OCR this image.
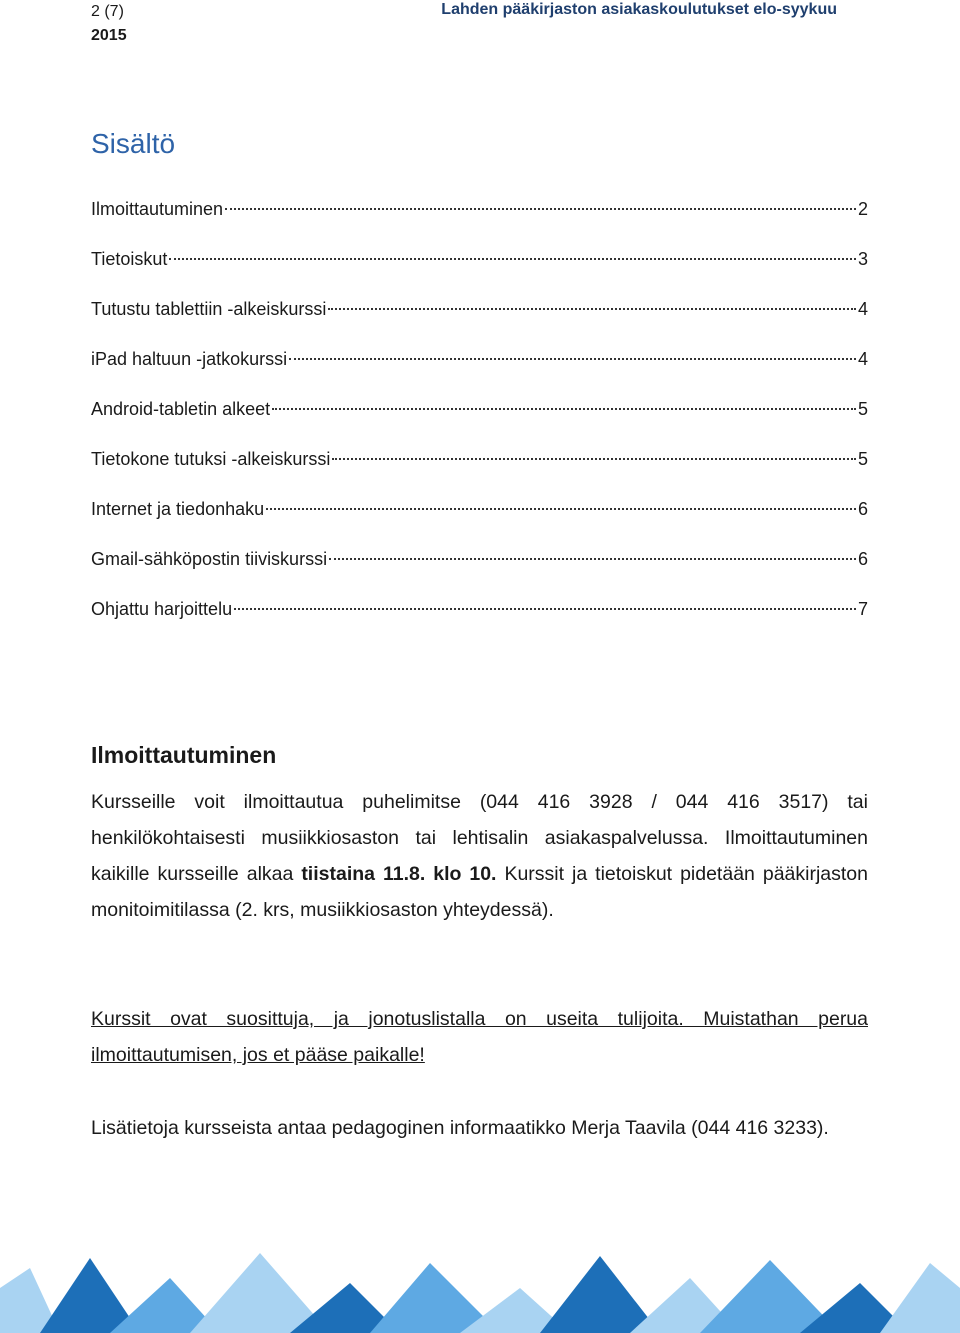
2 (7)
2015
Lahden pääkirjaston asiakaskoulutukset elo-syykuu
Sisältö
Ilmoittautuminen	2
Tietoiskut	3
Tutustu tablettiin -alkeiskurssi	4
iPad haltuun -jatkokurssi	4
Android-tabletin alkeet	5
Tietokone tutuksi -alkeiskurssi	5
Internet ja tiedonhaku	6
Gmail-sähköpostin tiiviskurssi	6
Ohjattu harjoittelu	7
Ilmoittautuminen

Kursseille voit ilmoittautua puhelimitse (044 416 3928 / 044 416 3517) tai henkilökohtaisesti musiikkiosaston tai lehtisalin asiakaspalvelussa. Ilmoittautuminen kaikille kursseille alkaa tiistaina 11.8. klo 10. Kurssit ja tietoiskut pidetään pääkirjaston monitoimitilassa (2. krs, musiikkiosaston yhteydessä).

Kurssit ovat suosittuja, ja jonotuslistalla on useita tulijoita. Muistathan perua ilmoittautumisen, jos et pääse paikalle!

Lisätietoja kursseista antaa pedagoginen informaatikko Merja Taavila (044 416 3233).
